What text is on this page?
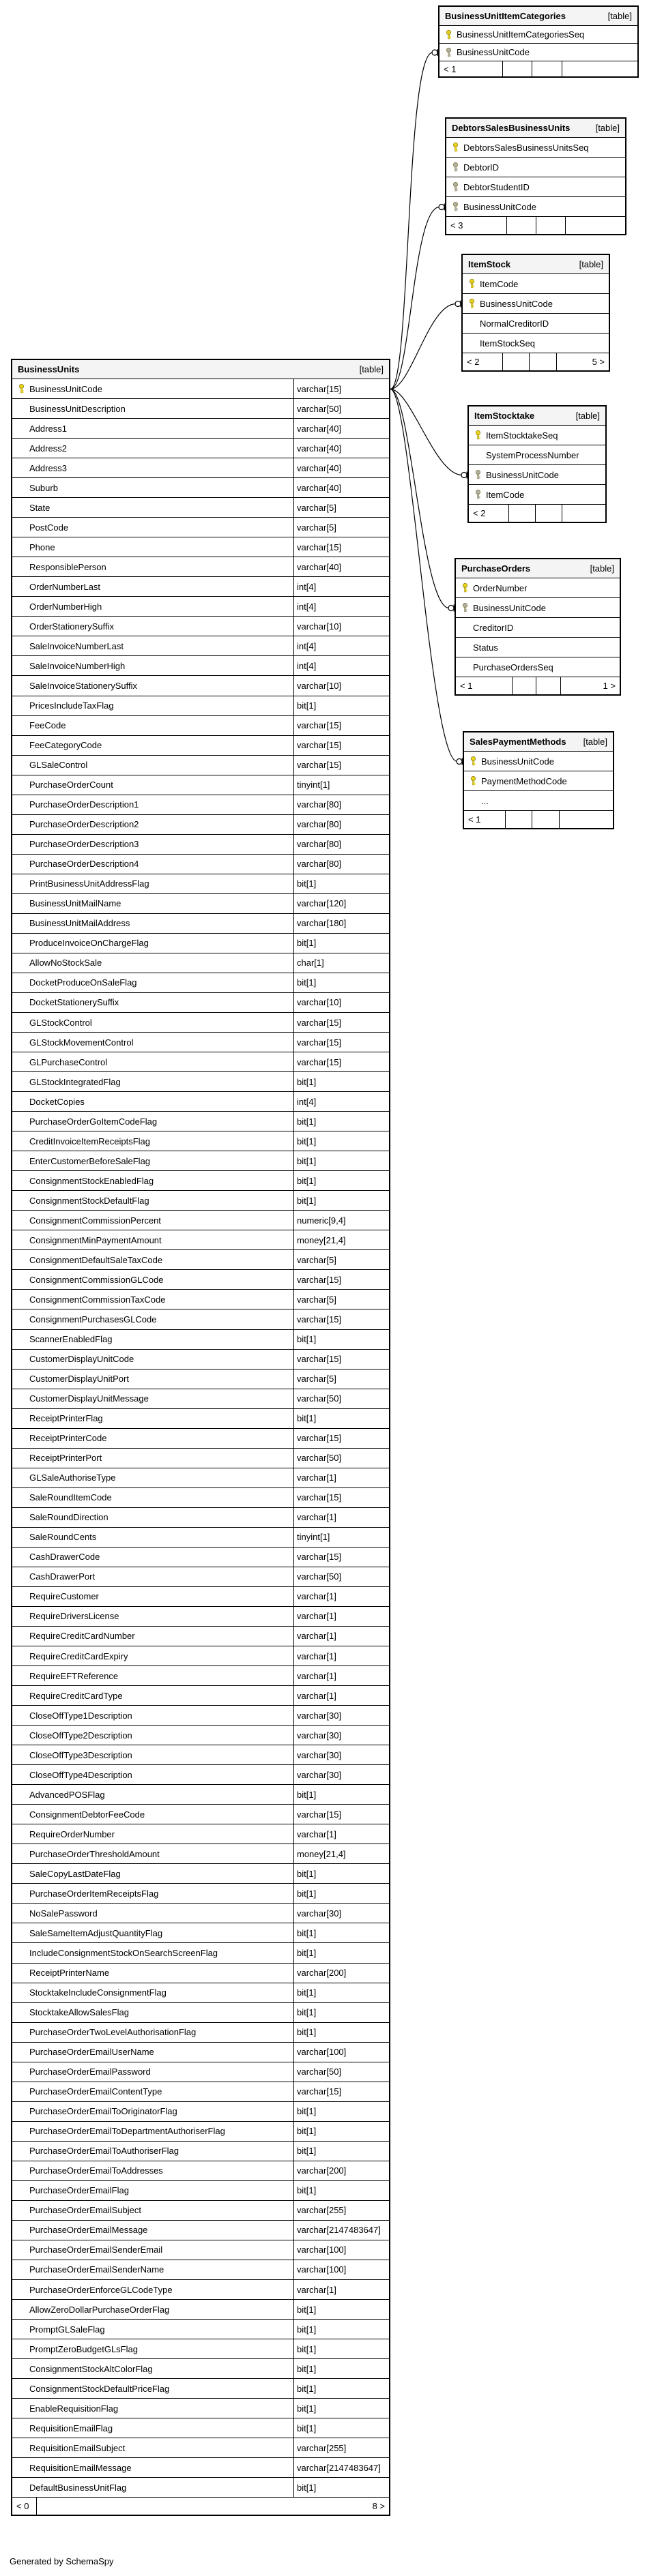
BusinessUnitItemCategories	[table]
BusinessUnitItemCategoriesSeq
BusinessUnitCode
< 1
DebtorsSalesBusinessUnits	[table]
DebtorsSalesBusinessUnitsSeq
DebtorID
DebtorStudentID
BusinessUnitCode
< 3
ItemStock	[table]
ItemCode
BusinessUnitCode
NormalCreditorID
ItemStockSeq
< 2	5 >
ItemStocktake	[table]
ItemStocktakeSeq
SystemProcessNumber
BusinessUnitCode
ItemCode
< 2
PurchaseOrders	[table]
OrderNumber
BusinessUnitCode
CreditorID
Status
PurchaseOrdersSeq
< 1	1 >
SalesPaymentMethods [table]
BusinessUnitCode
PaymentMethodCode
...
< 1
BusinessUnits	[table]
BusinessUnitCode	varchar[15]
BusinessUnitDescription	varchar[50]
Address1	varchar[40]
Address2	varchar[40]
Address3	varchar[40]
Suburb	varchar[40]
State	varchar[5]
PostCode	varchar[5]
Phone	varchar[15]
ResponsiblePerson	varchar[40]
OrderNumberLast	int[4]
OrderNumberHigh	int[4]
OrderStationerySuffix	varchar[10]
SaleInvoiceNumberLast	int[4]
SaleInvoiceNumberHigh	int[4]
SaleInvoiceStationerySuffix	varchar[10]
PricesIncludeTaxFlag	bit[1]
FeeCode	varchar[15]
FeeCategoryCode	varchar[15]
GLSaleControl	varchar[15]
PurchaseOrderCount	tinyint[1]
PurchaseOrderDescription1	varchar[80]
PurchaseOrderDescription2	varchar[80]
PurchaseOrderDescription3	varchar[80]
PurchaseOrderDescription4	varchar[80]
PrintBusinessUnitAddressFlag	bit[1]
BusinessUnitMailName	varchar[120]
BusinessUnitMailAddress	varchar[180]
ProduceInvoiceOnChargeFlag	bit[1]
AllowNoStockSale	char[1]
DocketProduceOnSaleFlag	bit[1]
DocketStationerySuffix	varchar[10]
GLStockControl	varchar[15]
GLStockMovementControl	varchar[15]
GLPurchaseControl	varchar[15]
GLStockIntegratedFlag	bit[1]
DocketCopies	int[4]
PurchaseOrderGoItemCodeFlag	bit[1]
CreditInvoiceItemReceiptsFlag	bit[1]
EnterCustomerBeforeSaleFlag	bit[1]
ConsignmentStockEnabledFlag	bit[1]
ConsignmentStockDefaultFlag	bit[1]
ConsignmentCommissionPercent	numeric[9,4]
ConsignmentMinPaymentAmount	money[21,4]
ConsignmentDefaultSaleTaxCode	varchar[5]
ConsignmentCommissionGLCode	varchar[15]
ConsignmentCommissionTaxCode	varchar[5]
ConsignmentPurchasesGLCode	varchar[15]
ScannerEnabledFlag	bit[1]
CustomerDisplayUnitCode	varchar[15]
CustomerDisplayUnitPort	varchar[5]
CustomerDisplayUnitMessage	varchar[50]
ReceiptPrinterFlag	bit[1]
ReceiptPrinterCode	varchar[15]
ReceiptPrinterPort	varchar[50]
GLSaleAuthoriseType	varchar[1]
SaleRoundItemCode	varchar[15]
SaleRoundDirection	varchar[1]
SaleRoundCents	tinyint[1]
CashDrawerCode	varchar[15]
CashDrawerPort	varchar[50]
RequireCustomer	varchar[1]
RequireDriversLicense	varchar[1]
RequireCreditCardNumber	varchar[1]
RequireCreditCardExpiry	varchar[1]
RequireEFTReference	varchar[1]
RequireCreditCardType	varchar[1]
CloseOffType1Description	varchar[30]
CloseOffType2Description	varchar[30]
CloseOffType3Description	varchar[30]
CloseOffType4Description	varchar[30]
AdvancedPOSFlag	bit[1]
ConsignmentDebtorFeeCode	varchar[15]
RequireOrderNumber	varchar[1]
PurchaseOrderThresholdAmount	money[21,4]
SaleCopyLastDateFlag	bit[1]
PurchaseOrderItemReceiptsFlag	bit[1]
NoSalePassword	varchar[30]
SaleSameItemAdjustQuantityFlag	bit[1]
IncludeConsignmentStockOnSearchScreenFlag	bit[1]
ReceiptPrinterName	varchar[200]
StocktakeIncludeConsignmentFlag	bit[1]
StocktakeAllowSalesFlag	bit[1]
PurchaseOrderTwoLevelAuthorisationFlag	bit[1]
PurchaseOrderEmailUserName	varchar[100]
PurchaseOrderEmailPassword	varchar[50]
PurchaseOrderEmailContentType	varchar[15]
PurchaseOrderEmailToOriginatorFlag	bit[1]
PurchaseOrderEmailToDepartmentAuthoriserFlag	bit[1]
PurchaseOrderEmailToAuthoriserFlag	bit[1]
PurchaseOrderEmailToAddresses	varchar[200]
PurchaseOrderEmailFlag	bit[1]
PurchaseOrderEmailSubject	varchar[255]
PurchaseOrderEmailMessage	varchar[2147483647]
PurchaseOrderEmailSenderEmail	varchar[100]
PurchaseOrderEmailSenderName	varchar[100]
PurchaseOrderEnforceGLCodeType	varchar[1]
AllowZeroDollarPurchaseOrderFlag	bit[1]
PromptGLSaleFlag	bit[1]
PromptZeroBudgetGLsFlag	bit[1]
ConsignmentStockAltColorFlag	bit[1]
ConsignmentStockDefaultPriceFlag	bit[1]
EnableRequisitionFlag	bit[1]
RequisitionEmailFlag	bit[1]
RequisitionEmailSubject	varchar[255]
RequisitionEmailMessage	varchar[2147483647]
DefaultBusinessUnitFlag	bit[1]
< 0	8 >
Generated by SchemaSpy
